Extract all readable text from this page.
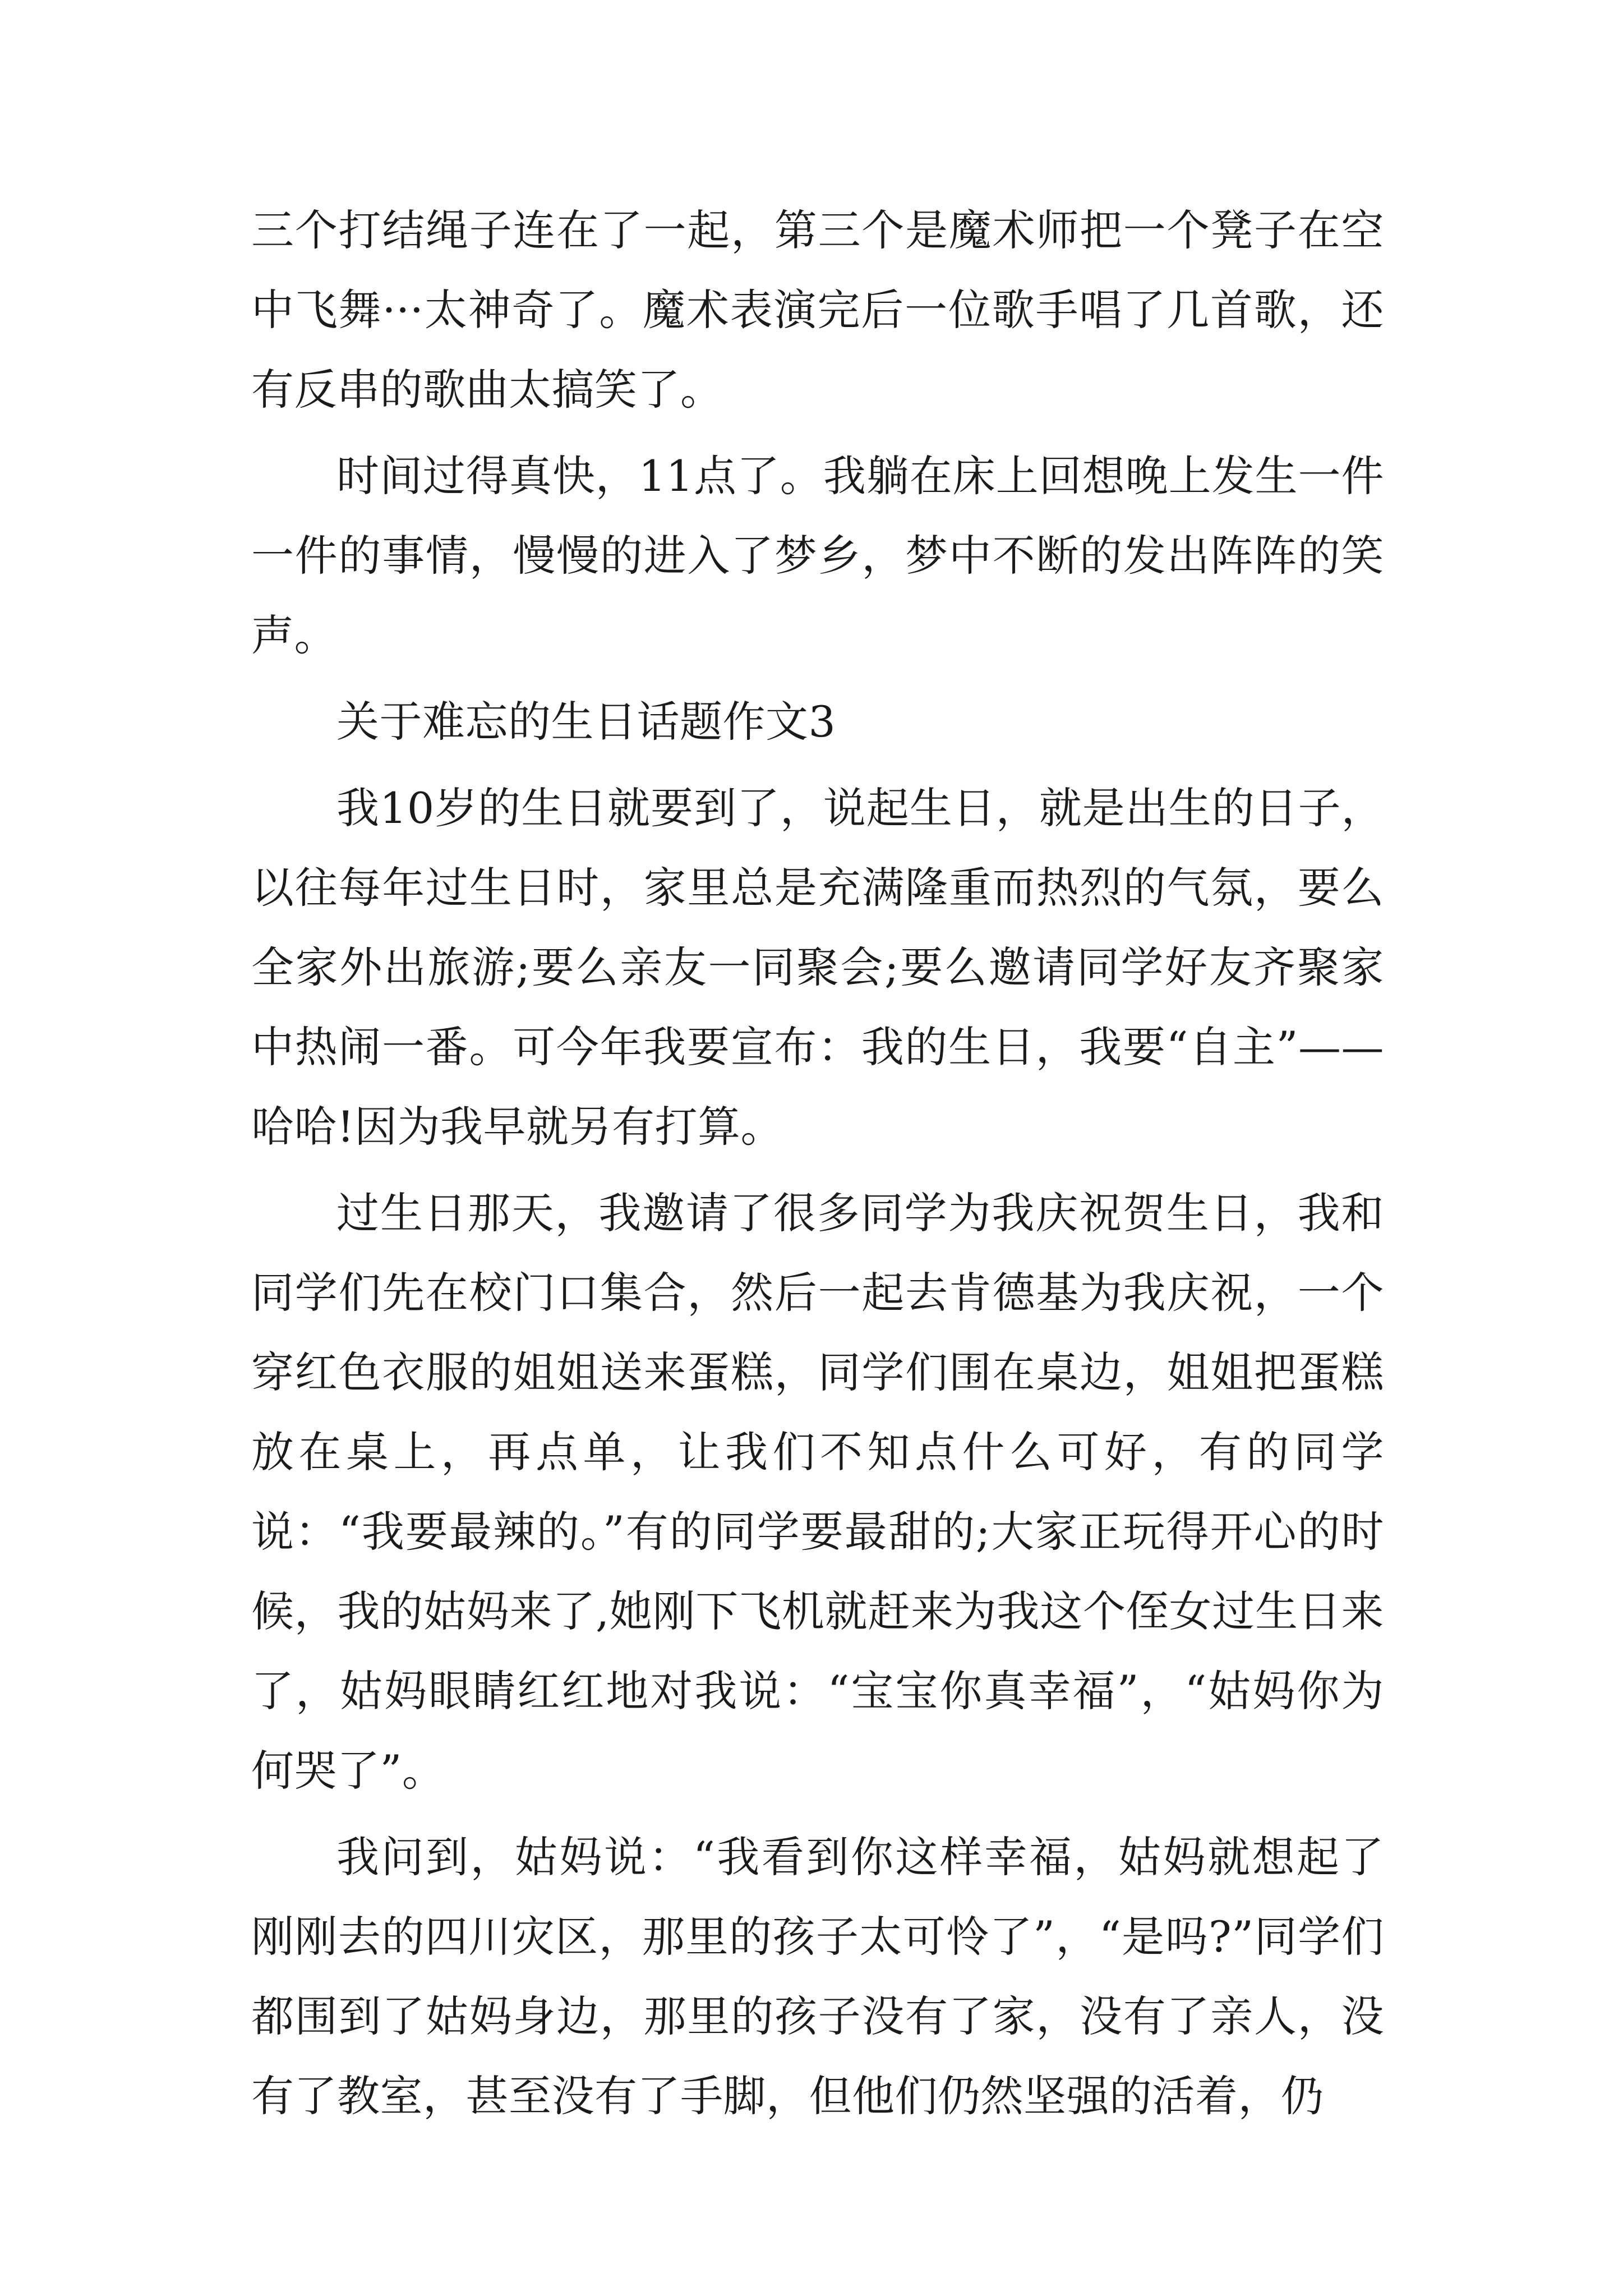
三个打结绳子连在了一起，第三个是魔术师把一个凳子在空中飞舞···太神奇了。魔术表演完后一位歌手唱了几首歌，还有反串的歌曲太搞笑了。

时间过得真快，11点了。我躺在床上回想晚上发生一件一件的事情，慢慢的进入了梦乡，梦中不断的发出阵阵的笑声。

关于难忘的生日话题作文3

我10岁的生日就要到了，说起生日，就是出生的日子，以往每年过生日时，家里总是充满隆重而热烈的气氛，要么全家外出旅游;要么亲友一同聚会;要么邀请同学好友齐聚家中热闹一番。可今年我要宣布：我的生日，我要“自主”——哈哈!因为我早就另有打算。

过生日那天，我邀请了很多同学为我庆祝贺生日，我和同学们先在校门口集合，然后一起去肯德基为我庆祝，一个穿红色衣服的姐姐送来蛋糕，同学们围在桌边，姐姐把蛋糕放在桌上，再点单，让我们不知点什么可好，有的同学说：“我要最辣的。”有的同学要最甜的;大家正玩得开心的时候，我的姑妈来了,她刚下飞机就赶来为我这个侄女过生日来了，姑妈眼睛红红地对我说：“宝宝你真幸福”，“姑妈你为何哭了”。

我问到，姑妈说：“我看到你这样幸福，姑妈就想起了刚刚去的四川灾区，那里的孩子太可怜了”，“是吗?”同学们都围到了姑妈身边，那里的孩子没有了家，没有了亲人，没有了教室，甚至没有了手脚，但他们仍然坚强的活着，仍
